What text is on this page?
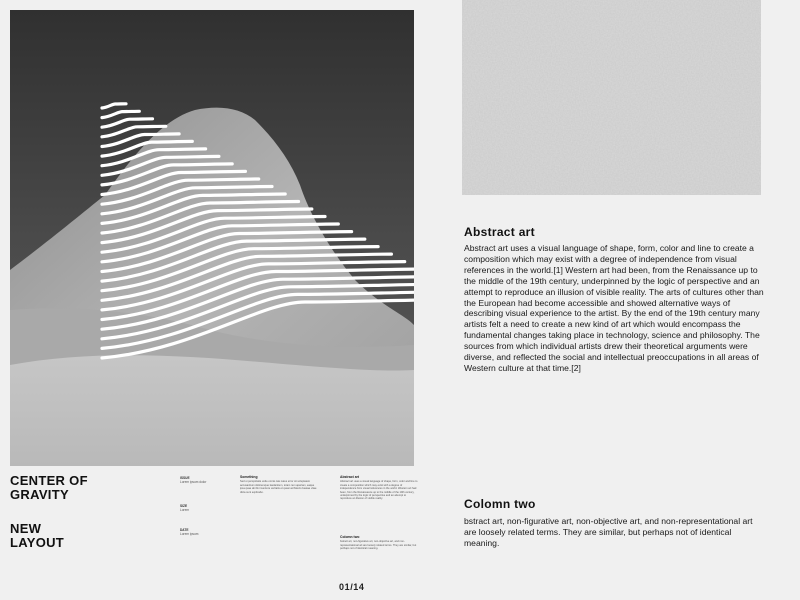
CENTER OF
GRAVITY
NEW
LAYOUT
ISSUE
Lorem ipsum dolor
SIZE
Lorem
DATE
Lorem ipsum
Something
Sed ut perspiciatis unde omnis iste natus error sit voluptatem accusantium doloremque laudantium, totam rem aperiam, eaque ipsa quae ab illo inventore veritatis et quasi architecto beatae vitae dicta sunt explicabo.
Abstract art
Abstract art uses a visual language of shape, form, color and line to create a composition which may exist with a degree of independence from visual references in the world. Western art had been, from the Renaissance up to the middle of the 19th century, underpinned by the logic of perspective and an attempt to reproduce an illusion of visible reality.
Colomn two
bstract art, non-figurative art, non-objective art, and non-representational art are loosely related terms. They are similar, but perhaps not of identical meaning.
01/14
Abstract art

Abstract art uses a visual language of shape, form, color and line to create a composition which may exist with a degree of independence from visual references in the world.[1] Western art had been, from the Renaissance up to the middle of the 19th century, underpinned by the logic of perspective and an attempt to reproduce an illusion of visible reality. The arts of cultures other than the European had become accessible and showed alternative ways of describing visual experience to the artist. By the end of the 19th century many artists felt a need to create a new kind of art which would encompass the fundamental changes taking place in technology, science and philosophy. The sources from which individual artists drew their theoretical arguments were diverse, and reflected the social and intellectual preoccupations in all areas of Western culture at that time.[2]

Colomn two

bstract art, non-figurative art, non-objective art, and non-representational art are loosely related terms. They are similar, but perhaps not of identical meaning.
